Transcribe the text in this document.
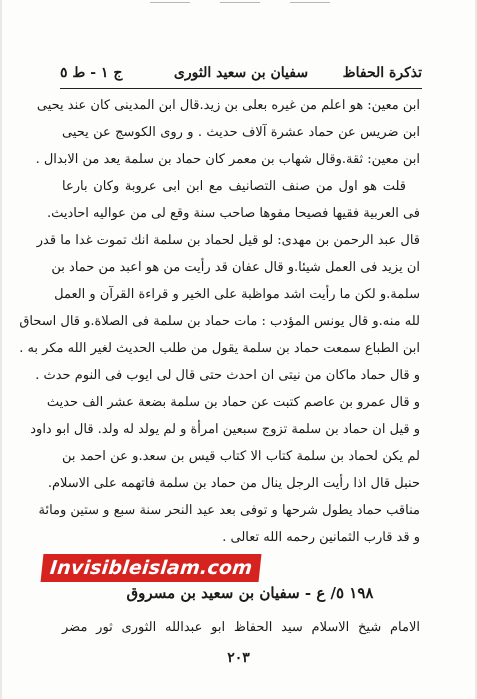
تذكرة الحفاظ
سفيان بن سعيد الثورى
ج ١ - ط ٥
ابن معين: هو اعلم من غيره بعلى بن زيد.قال ابن المدينى كان عند يحيى
ابن ضريس عن حماد عشرة آلاف حديث . و روى الكوسج عن يحيى
ابن معين: ثقة.وقال شهاب بن معمر كان حماد بن سلمة يعد من الابدال .
قلت هو اول من صنف التصانيف مع ابن ابى عروبة وكان بارعا
فى العربية فقيها فصيحا مفوها صاحب سنة وقع لى من عواليه احاديث.
قال عبد الرحمن بن مهدى: لو قيل لحماد بن سلمة انك تموت غدا ما قدر
ان يزيد فى العمل شيئا.و قال عفان قد رأيت من هو اعبد من حماد بن
سلمة.و لكن ما رأيت اشد مواظبة على الخير و قراءة القرآن و العمل
لله منه.و قال يونس المؤدب : مات حماد بن سلمة فى الصلاة.و قال اسحاق
ابن الطباع سمعت حماد بن سلمة يقول من طلب الحديث لغير الله مكر به .
و قال حماد ماكان من نيتى ان احدث حتى قال لى ايوب فى النوم حدث .
و قال عمرو بن عاصم كتبت عن حماد بن سلمة بضعة عشر الف حديث
و قيل ان حماد بن سلمة تزوج سبعين امرأة و لم يولد له ولد. قال ابو داود
لم يكن لحماد بن سلمة كتاب الا كتاب قيس بن سعد.و عن احمد بن
حنبل قال اذا رأيت الرجل ينال من حماد بن سلمة فاتهمه على الاسلام.
مناقب حماد يطول شرحها و توفى بعد عيد النحر سنة سبع و ستين ومائة
و قد قارب الثمانين رحمه الله تعالى .
Invisibleislam.com
١٩٨ ٥/ ع - سفيان بن سعيد بن مسروق
الامام شيخ الاسلام سيد الحفاظ ابو عبدالله الثورى ثور مضر
٢٠٣
